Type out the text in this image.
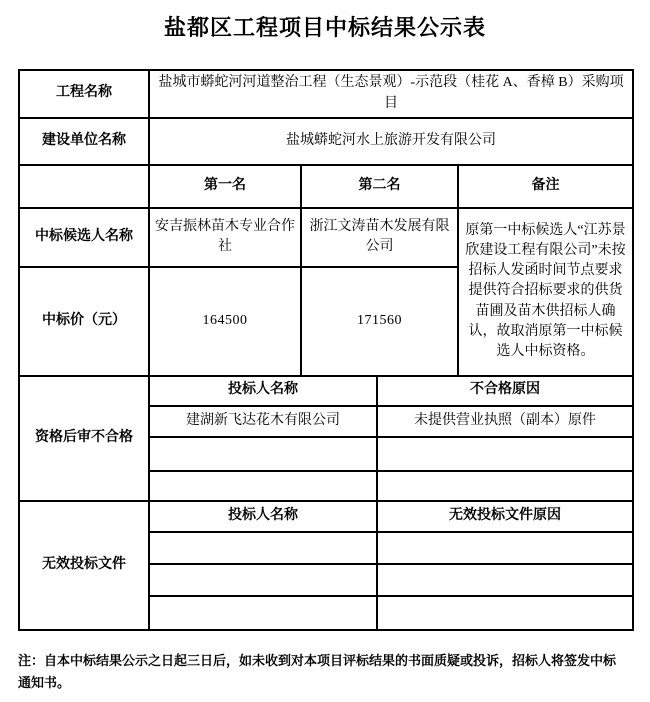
盐都区工程项目中标结果公示表
工程名称	盐城市蟒蛇河河道整治工程（生态景观）-示范段（桂花 A、香樟 B）采购项目			
建设单位名称	盐城蟒蛇河水上旅游开发有限公司			
	第一名	第二名		备注
中标候选人名称	安吉振林苗木专业合作社	浙江文涛苗木发展有限公司		原第一中标候选人“江苏景欣建设工程有限公司”未按招标人发函时间节点要求提供符合招标要求的供货苗圃及苗木供招标人确认，故取消原第一中标候选人中标资格。
中标价（元）	164500	171560		
资格后审不合格	投标人名称		不合格原因	
	建湖新飞达花木有限公司		未提供营业执照（副本）原件	

无效投标文件	投标人名称		无效投标文件原因	

注：自本中标结果公示之日起三日后，如未收到对本项目评标结果的书面质疑或投诉，招标人将签发中标通知书。
